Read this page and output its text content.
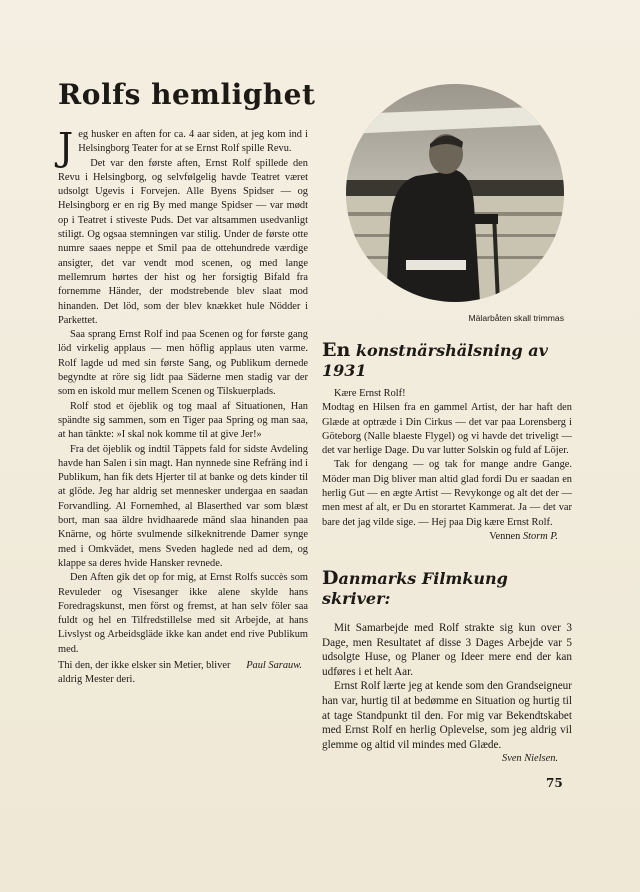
Rolfs hemlighet

Jeg husker en aften for ca. 4 aar siden, at jeg kom ind i Helsingborg Teater for at se Ernst Rolf spille Revu.

Det var den første aften, Ernst Rolf spillede den Revu i Helsingborg, og selvfølgelig havde Teatret været udsolgt Ugevis i Forvejen. Alle Byens Spidser — og Helsingborg er en rig By med mange Spidser — var mødt op i Teatret i stiveste Puds. Det var altsammen usedvanligt stiligt. Og ogsaa stemningen var stilig. Under de første otte numre saaes neppe et Smil paa de ottehundrede værdige ansigter, det var vendt mod scenen, og med lange mellemrum hørtes der hist og her forsigtig Bifald fra fornemme Händer, der modstrebende blev slaat mod hinanden. Det löd, som der blev knækket hule Nödder i Parkettet.

Saa sprang Ernst Rolf ind paa Scenen og for første gang löd virkelig applaus — men höflig applaus uten varme. Rolf lagde ud med sin første Sang, og Publikum dernede begyndte at röre sig lidt paa Säderne men stadig var der som en iskold mur mellem Scenen og Tilskuerplads.

Rolf stod et öjeblik og tog maal af Situationen, Han spändte sig sammen, som en Tiger paa Spring og man saa, at han tänkte: »I skal nok komme til at give Jer!»

Fra det öjeblik og indtil Täppets fald for sidste Avdeling havde han Salen i sin magt. Han nynnede sine Refräng ind i Publikum, han fik dets Hjerter til at banke og dets kinder til at glöde. Jeg har aldrig set mennesker undergaa en saadan Forvandling. Al Fornemhed, al Blaserthed var som blæst bort, man saa äldre hvidhaarede mänd slaa hinanden paa Knärne, og hörte svulmende silkeknitrende Damer synge med i Omkvädet, mens Sveden haglede ned ad dem, og klappe sa deres hvide Hansker revnede.

Den Aften gik det op for mig, at Ernst Rolfs succès som Revuleder og Visesanger ikke alene skylde hans Foredragskunst, men först og fremst, at han selv föler saa fuldt og hel en Tilfredstillelse med sit Arbejde, at hans Livslyst og Arbeidsglädе ikke kan andet end rive Publikum med.

Paul Sarauw.
Thi den, der ikke elsker sin Metier, bliver aldrig Mester deri.

Mälarbåten skall trimmas
En konstnärshälsning av 1931

Kære Ernst Rolf!

Modtag en Hilsen fra en gammel Artist, der har haft den Glæde at optræde i Din Cirkus — det var paa Lorensberg i Göteborg (Nalle blaeste Flygel) og vi havde det triveligt — det var herlige Dage. Du var lutter Solskin og fuld af Löjer.

Tak for dengang — og tak for mange andre Gange. Möder man Dig bliver man altid glad fordi Du er saadan en herlig Gut — en ægte Artist — Revykonge og alt det der — men mest af alt, er Du en storartet Kammerat. Ja — det var bare det jag vilde sige. — Hej paa Dig kære Ernst Rolf.

Vennen Storm P.

Danmarks Filmkung skriver:

Mit Samarbejde med Rolf strakte sig kun over 3 Dage, men Resultatet af disse 3 Dages Arbejde var 5 udsolgte Huse, og Planer og Ideer mere end der kan udføres i et helt Aar.

Ernst Rolf lærte jeg at kende som den Grandseigneur han var, hurtig til at bedømme en Situation og hurtig til at tage Standpunkt til den. For mig var Bekendtskabet med Ernst Rolf en herlig Oplevelse, som jeg aldrig vil glemme og altid vil mindes med Glæde.

Sven Nielsen.

75
